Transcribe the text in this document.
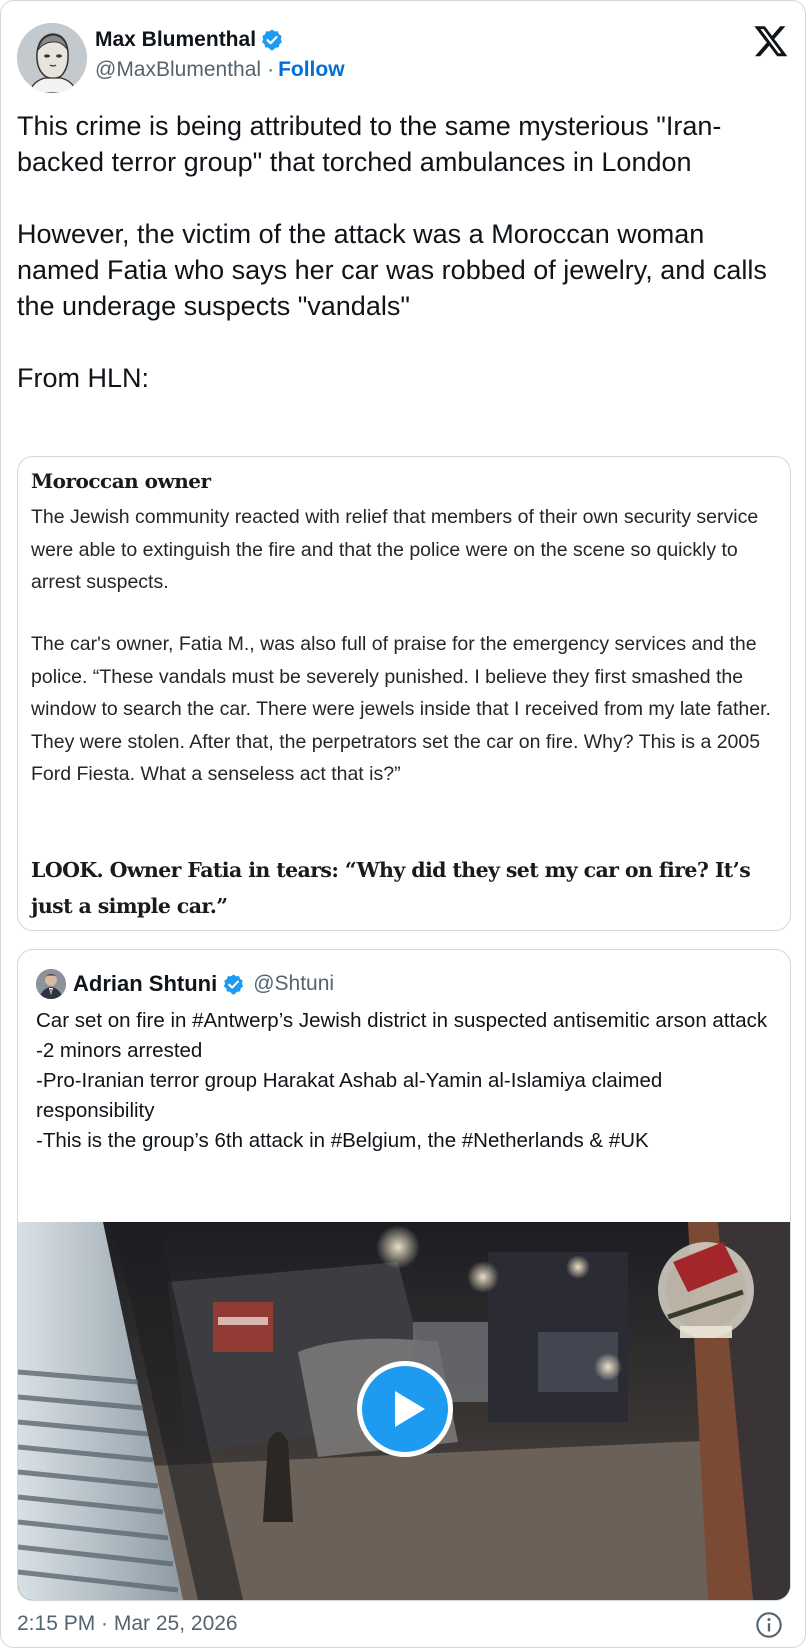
Max Blumenthal
@MaxBlumenthal · Follow

This crime is being attributed to the same mysterious "Iran-backed terror group" that torched ambulances in London

However, the victim of the attack was a Moroccan woman named Fatia who says her car was robbed of jewelry, and calls the underage suspects "vandals"

From HLN:

Moroccan owner

The Jewish community reacted with relief that members of their own security service were able to extinguish the fire and that the police were on the scene so quickly to arrest suspects.

The car's owner, Fatia M., was also full of praise for the emergency services and the police. “These vandals must be severely punished. I believe they first smashed the window to search the car. There were jewels inside that I received from my late father. They were stolen. After that, the perpetrators set the car on fire. Why? This is a 2005 Ford Fiesta. What a senseless act that is?”

LOOK. Owner Fatia in tears: “Why did they set my car on fire? It’s just a simple car.”

Adrian Shtuni @Shtuni
Car set on fire in #Antwerp’s Jewish district in suspected antisemitic arson attack
-2 minors arrested
-Pro-Iranian terror group Harakat Ashab al-Yamin al-Islamiya claimed responsibility
-This is the group’s 6th attack in #Belgium, the #Netherlands & #UK
2:15 PM · Mar 25, 2026
